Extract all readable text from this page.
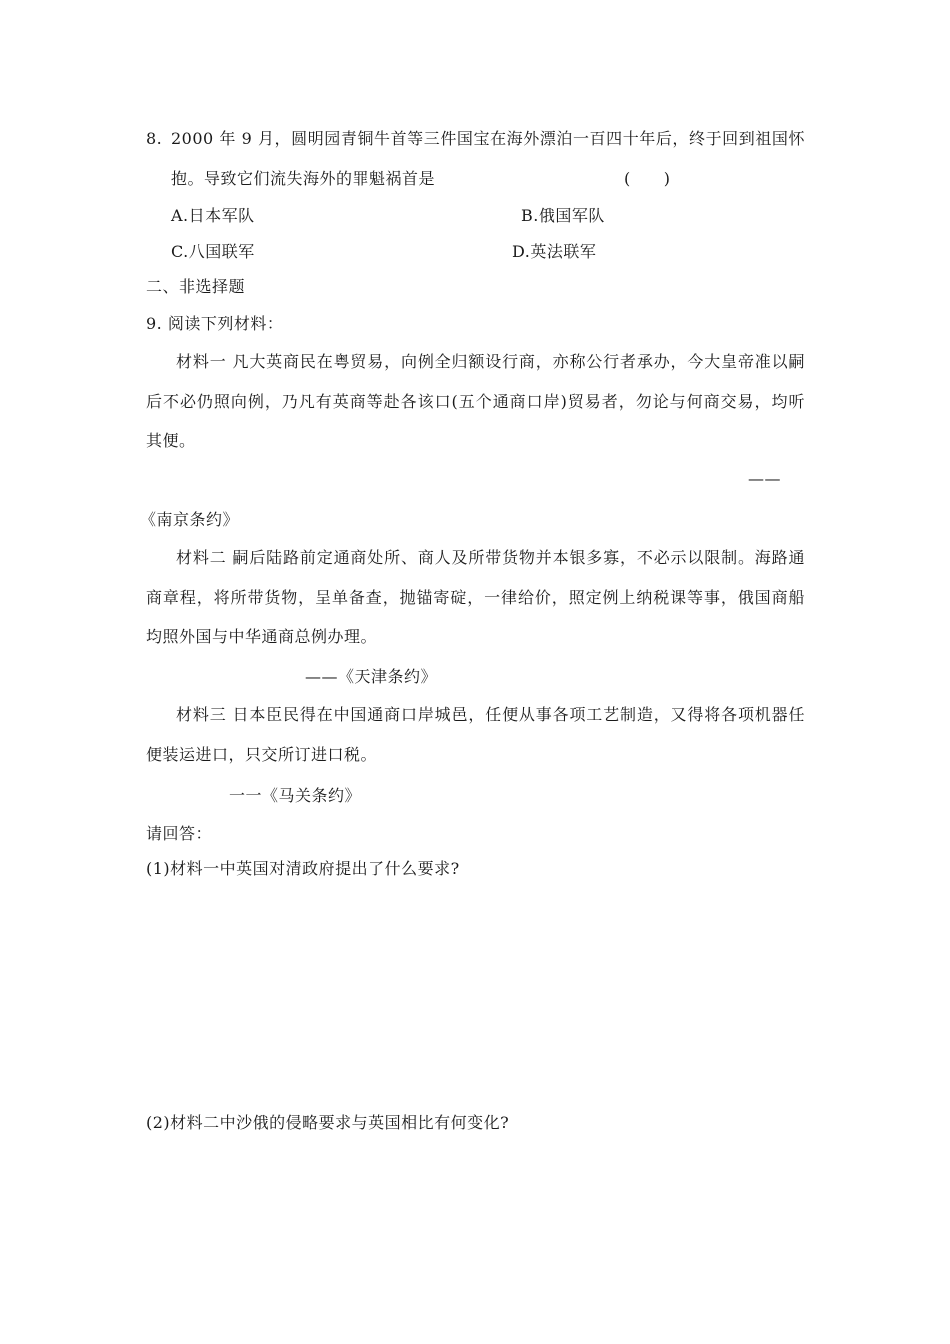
8. 2000 年 9 月，圆明园青铜牛首等三件国宝在海外漂泊一百四十年后，终于回到祖国怀
抱。导致它们流失海外的罪魁祸首是	(　　)
A.日本军队	B.俄国军队
C.八国联军	D.英法联军
二、非选择题
9. 阅读下列材料：
材料一 凡大英商民在粤贸易，向例全归额设行商，亦称公行者承办，今大皇帝准以嗣
后不必仍照向例，乃凡有英商等赴各该口(五个通商口岸)贸易者，勿论与何商交易，均听
其便。
——
《南京条约》
材料二 嗣后陆路前定通商处所、商人及所带货物并本银多寡，不必示以限制。海路通
商章程，将所带货物，呈单备查，抛锚寄碇，一律给价，照定例上纳税课等事，俄国商船
均照外国与中华通商总例办理。
——《天津条约》
材料三 日本臣民得在中国通商口岸城邑，任便从事各项工艺制造，又得将各项机器任
便装运进口，只交所订进口税。
一一《马关条约》
请回答：
(1)材料一中英国对清政府提出了什么要求?
(2)材料二中沙俄的侵略要求与英国相比有何变化?
